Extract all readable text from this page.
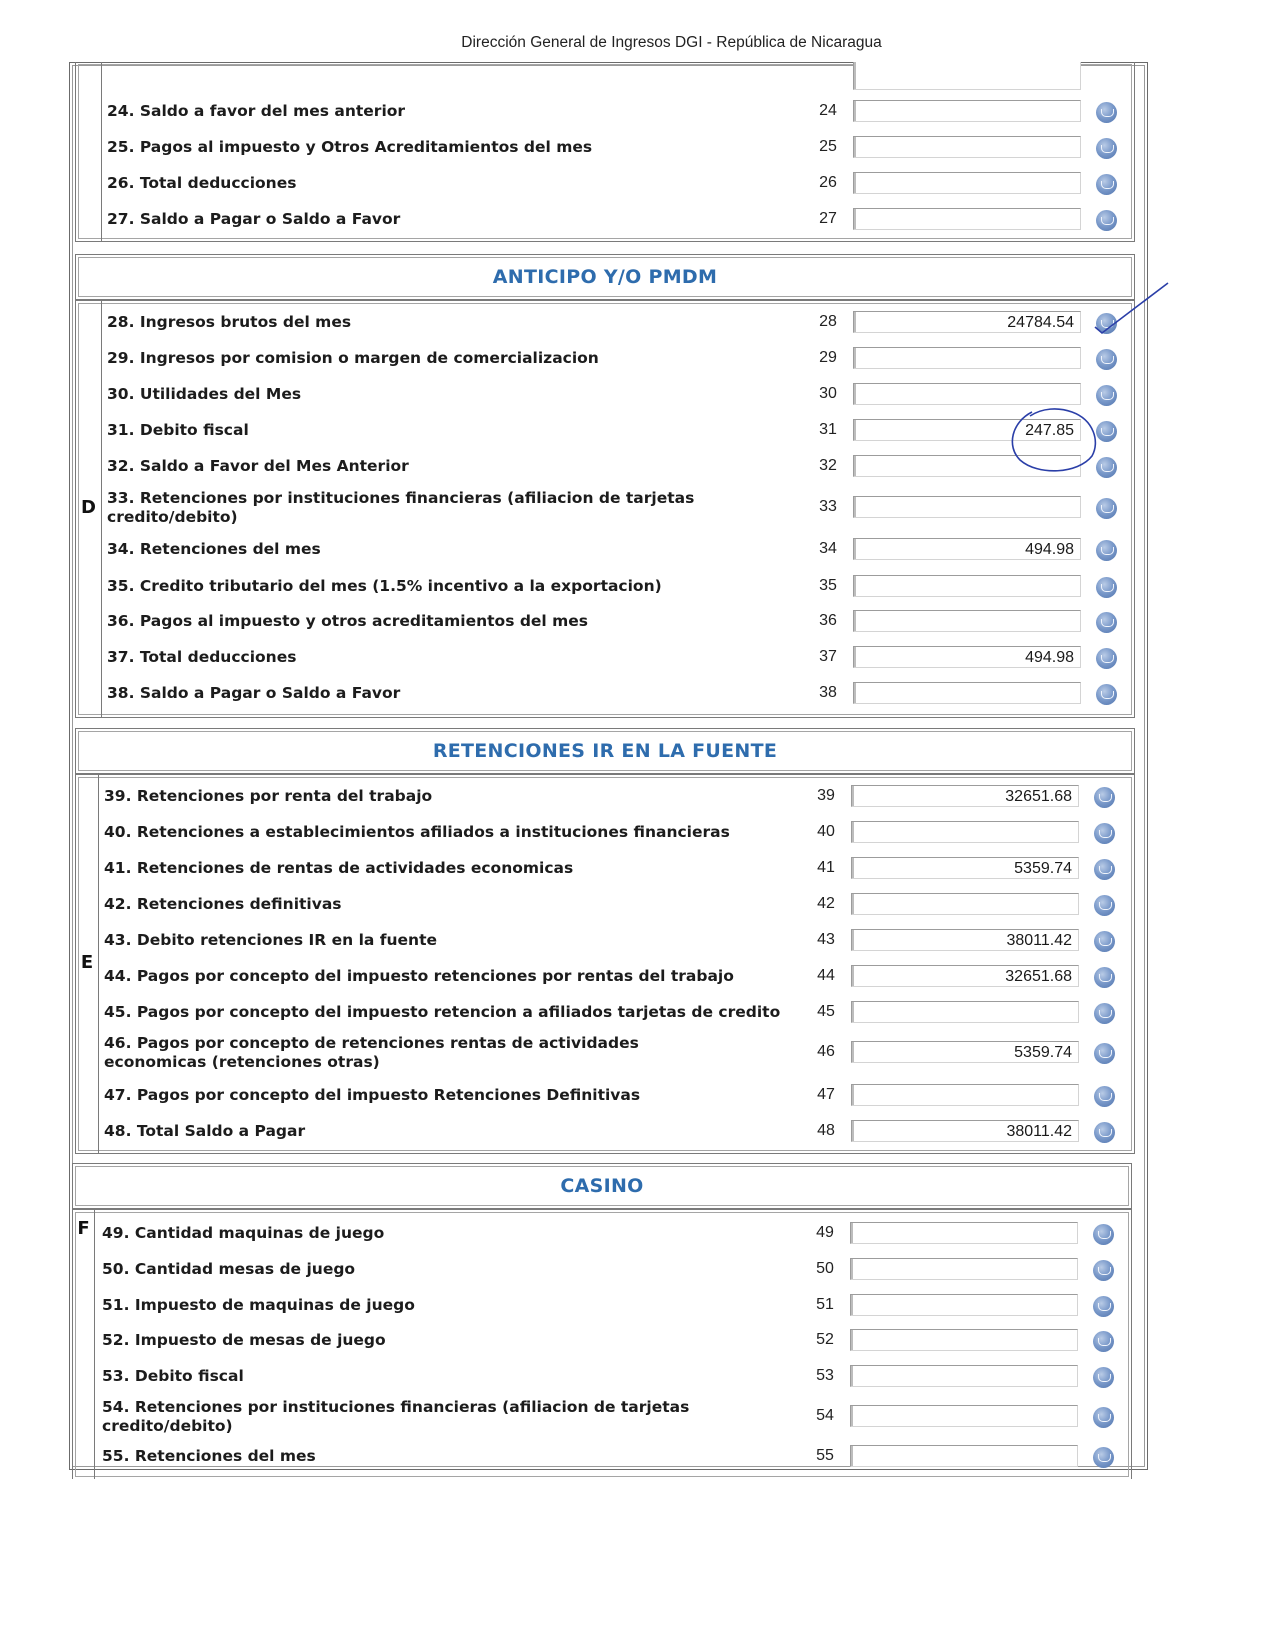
Dirección General de Ingresos DGI - República de Nicaragua
ANTICIPO Y/O PMDM
D
RETENCIONES IR EN LA FUENTE
E
CASINO
F
24. Saldo a favor del mes anterior	24
25. Pagos al impuesto y Otros Acreditamientos del mes	25
26. Total deducciones	26
27. Saldo a Pagar o Saldo a Favor	27
28. Ingresos brutos del mes	28	24784.54
29. Ingresos por comision o margen de comercializacion	29
30. Utilidades del Mes	30
31. Debito fiscal	31	247.85
32. Saldo a Favor del Mes Anterior	32
33. Retenciones por instituciones financieras (afiliacion de tarjetas credito/debito)
33
34. Retenciones del mes	34	494.98
35. Credito tributario del mes (1.5% incentivo a la exportacion)	35
36. Pagos al impuesto y otros acreditamientos del mes	36
37. Total deducciones	37	494.98
38. Saldo a Pagar o Saldo a Favor	38
39. Retenciones por renta del trabajo	39	32651.68
40. Retenciones a establecimientos afiliados a instituciones financieras	40
41. Retenciones de rentas de actividades economicas	41	5359.74
42. Retenciones definitivas	42
43. Debito retenciones IR en la fuente	43	38011.42
44. Pagos por concepto del impuesto retenciones por rentas del trabajo	44	32651.68
45. Pagos por concepto del impuesto retencion a afiliados tarjetas de credito	45
46. Pagos por concepto de retenciones rentas de actividades economicas (retenciones otras)
46	5359.74
47. Pagos por concepto del impuesto Retenciones Definitivas	47
48. Total Saldo a Pagar	48	38011.42
49. Cantidad maquinas de juego	49
50. Cantidad mesas de juego	50
51. Impuesto de maquinas de juego	51
52. Impuesto de mesas de juego	52
53. Debito fiscal	53
54. Retenciones por instituciones financieras (afiliacion de tarjetas credito/debito)
54
55. Retenciones del mes	55
